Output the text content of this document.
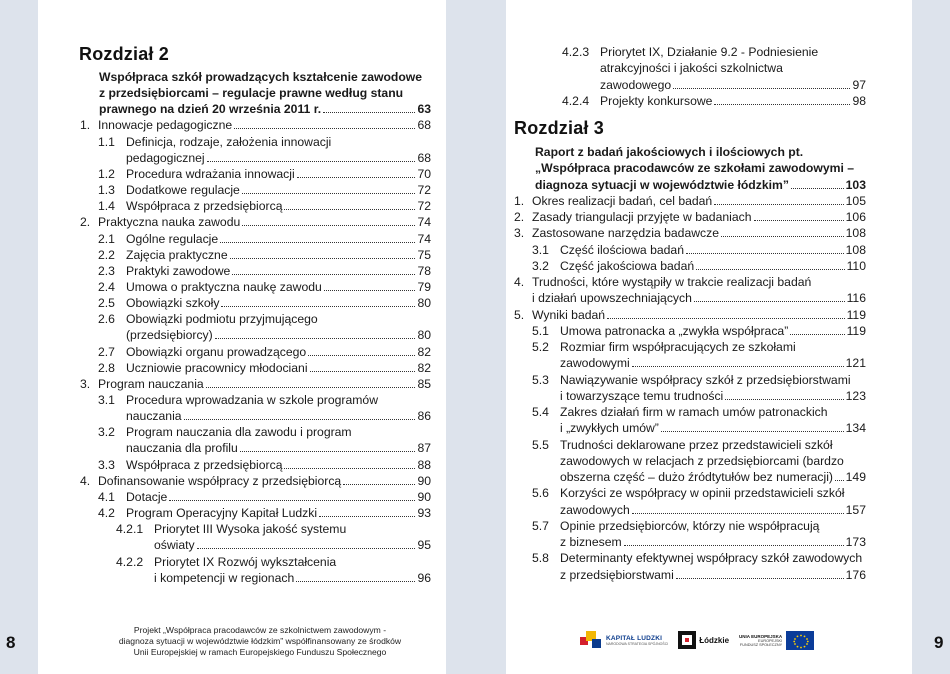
Rozdział 2
Współpraca szkół prowadzących kształcenie zawodowe
z przedsiębiorcami – regulacje prawne według stanu
prawnego na dzień 20 września 2011 r.	63
1. Innowacje pedagogiczne	68
1.1 Definicja, rodzaje, założenia innowacji
pedagogicznej	68
1.2 Procedura wdrażania innowacji	70
1.3 Dodatkowe regulacje	72
1.4 Współpraca z przedsiębiorcą	72
2. Praktyczna nauka zawodu	74
2.1 Ogólne regulacje	74
2.2 Zajęcia praktyczne	75
2.3 Praktyki zawodowe	78
2.4 Umowa o praktyczna naukę zawodu	79
2.5 Obowiązki szkoły	80
2.6 Obowiązki podmiotu przyjmującego
(przedsiębiorcy)	80
2.7 Obowiązki organu prowadzącego	82
2.8 Uczniowie pracownicy młodociani	82
3. Program nauczania	85
3.1 Procedura wprowadzania w szkole programów
nauczania	86
3.2 Program nauczania dla zawodu i program
nauczania dla profilu	87
3.3 Współpraca z przedsiębiorcą	88
4. Dofinansowanie współpracy z przedsiębiorcą	90
4.1 Dotacje	90
4.2 Program Operacyjny Kapitał Ludzki	93
4.2.1 Priorytet III Wysoka jakość systemu
oświaty	95
4.2.2 Priorytet IX Rozwój wykształcenia
i kompetencji w regionach	96
4.2.3 Priorytet IX, Działanie 9.2 - Podniesienie
atrakcyjności i jakości szkolnictwa
zawodowego	97
4.2.4 Projekty konkursowe	98
Rozdział 3
Raport z badań jakościowych i ilościowych pt.
„Współpraca pracodawców ze szkołami zawodowymi –
diagnoza sytuacji w województwie łódzkim”	103
1. Okres realizacji badań, cel badań	105
2. Zasady triangulacji przyjęte w badaniach	106
3. Zastosowane narzędzia badawcze	108
3.1 Część ilościowa badań	108
3.2 Część jakościowa badań	110
4. Trudności, które wystąpiły w trakcie realizacji badań
i działań upowszechniających	116
5. Wyniki badań	119
5.1 Umowa patronacka a „zwykła współpraca”	119
5.2 Rozmiar firm współpracujących ze szkołami
zawodowymi	121
5.3 Nawiązywanie współpracy szkół z przedsiębiorstwami
i towarzyszące temu trudności	123
5.4 Zakres działań firm w ramach umów patronackich
i „zwykłych umów”	134
5.5 Trudności deklarowane przez przedstawicieli szkół
zawodowych w relacjach z przedsiębiorcami (bardzo
obszerna część – dużo źródtytułów bez numeracji) 149
5.6 Korzyści ze współpracy w opinii przedstawicieli szkół
zawodowych	157
5.7 Opinie przedsiębiorców, którzy nie współpracują
z biznesem	173
5.8 Determinanty efektywnej współpracy szkół zawodowych
z przedsiębiorstwami	176
8	9
Projekt „Współpraca pracodawców ze szkolnictwem zawodowym -
diagnoza sytuacji w województwie łódzkim” współfinansowany ze środków
Unii Europejskiej w ramach Europejskiego Funduszu Społecznego
KAPITAŁ LUDZKI
NARODOWA STRATEGIA SPÓJNOŚCI	Łódzkie UNIA EUROPEJSKA
EUROPEJSKI
FUNDUSZ SPOŁECZNY
